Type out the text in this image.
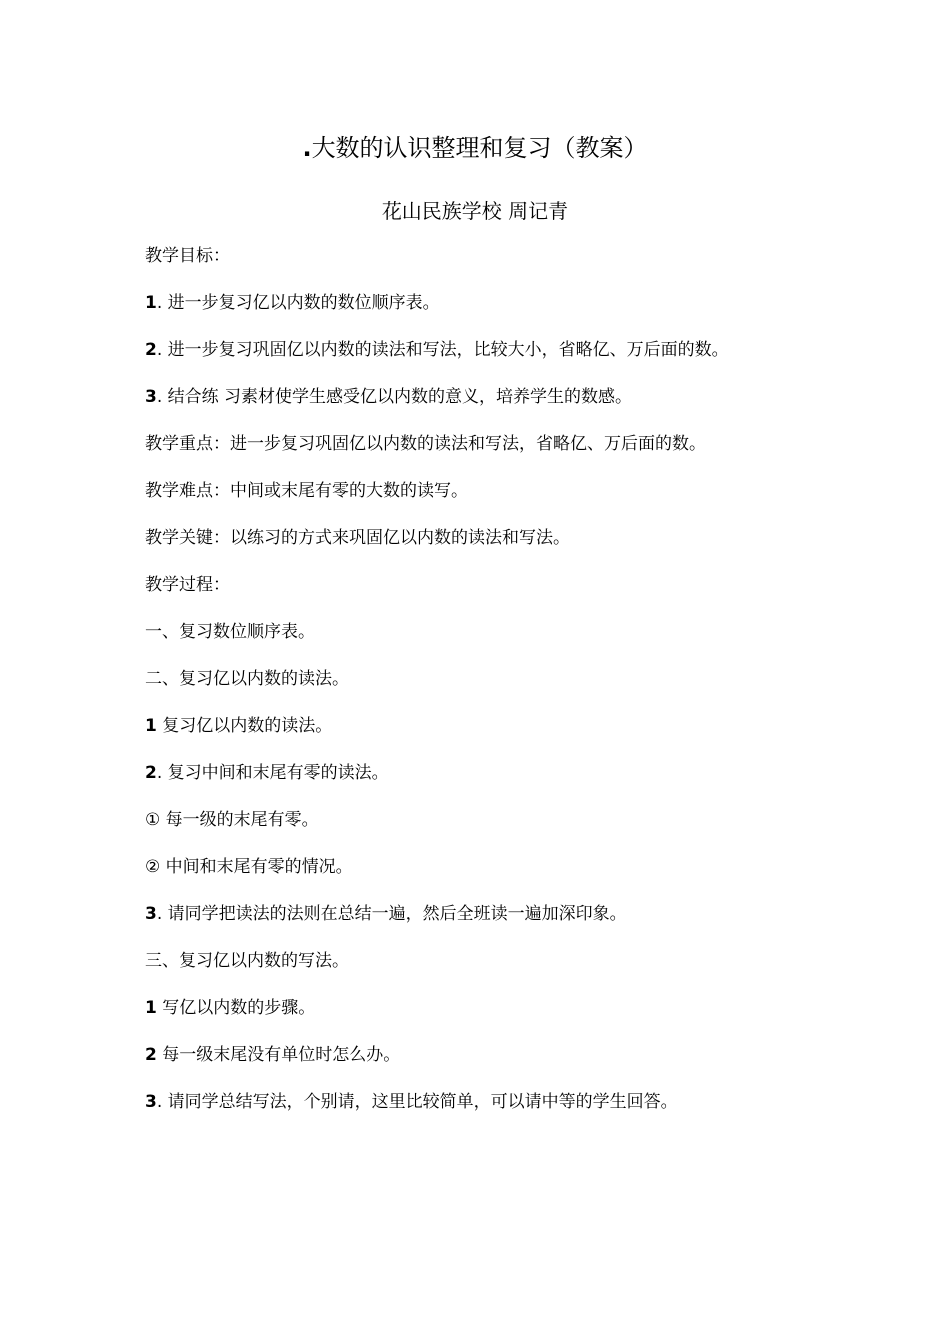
.大数的认识整理和复习（教案）
花山民族学校 周记青

教学目标：

1. 进一步复习亿以内数的数位顺序表。

2. 进一步复习巩固亿以内数的读法和写法，比较大小，省略亿、万后面的数。

3. 结合练 习素材使学生感受亿以内数的意义，培养学生的数感。

教学重点：进一步复习巩固亿以内数的读法和写法，省略亿、万后面的数。

教学难点：中间或末尾有零的大数的读写。

教学关键：以练习的方式来巩固亿以内数的读法和写法。

教学过程：

一、复习数位顺序表。

二、复习亿以内数的读法。

1 复习亿以内数的读法。

2. 复习中间和末尾有零的读法。

① 每一级的末尾有零。

② 中间和末尾有零的情况。

3. 请同学把读法的法则在总结一遍，然后全班读一遍加深印象。

三、复习亿以内数的写法。

1 写亿以内数的步骤。

2 每一级末尾没有单位时怎么办。

3. 请同学总结写法，个别请，这里比较简单，可以请中等的学生回答。
